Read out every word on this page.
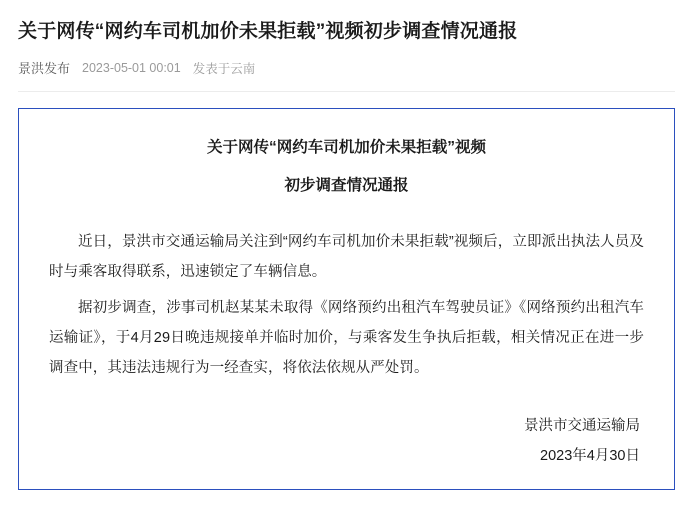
关于网传“网约车司机加价未果拒载”视频初步调查情况通报
景洪发布 2023-05-01 00:01 发表于云南
关于网传“网约车司机加价未果拒载”视频
初步调查情况通报

近日，景洪市交通运输局关注到“网约车司机加价未果拒载”视频后，立即派出执法人员及时与乘客取得联系，迅速锁定了车辆信息。

据初步调查，涉事司机赵某某未取得《网络预约出租汽车驾驶员证》《网络预约出租汽车运输证》，于4月29日晚违规接单并临时加价，与乘客发生争执后拒载，相关情况正在进一步调查中，其违法违规行为一经查实，将依法依规从严处罚。

景洪市交通运输局
2023年4月30日
